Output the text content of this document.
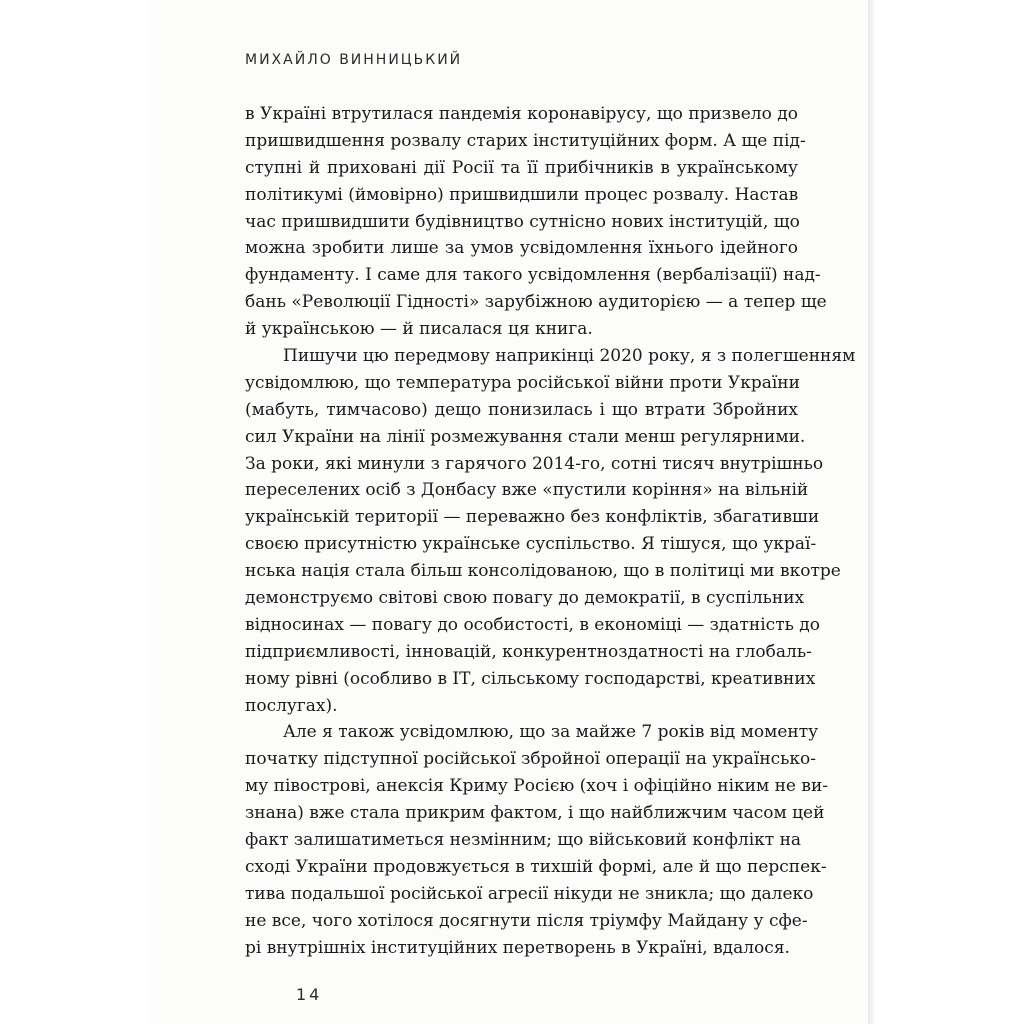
МИХАЙЛО ВИННИЦЬКИЙ
в Україні втрутилася пандемія коронавірусу, що призвело до
пришвидшення розвалу старих інституційних форм. А ще під-
ступні й приховані дії Росії та її прибічників в українському
політикумі (ймовірно) пришвидшили процес розвалу. Настав
час пришвидшити будівництво сутнісно нових інституцій, що
можна зробити лише за умов усвідомлення їхнього ідейного
фундаменту. І саме для такого усвідомлення (вербалізації) над-
бань «Революції Гідності» зарубіжною аудиторією — а тепер ще
й українською — й писалася ця книга.
Пишучи цю передмову наприкінці 2020 року, я з полегшенням
усвідомлюю, що температура російської війни проти України
(мабуть, тимчасово) дещо понизилась і що втрати Збройних
сил України на лінії розмежування стали менш регулярними.
За роки, які минули з гарячого 2014-го, сотні тисяч внутрішньо
переселених осіб з Донбасу вже «пустили коріння» на вільній
українській території — переважно без конфліктів, збагативши
своєю присутністю українське суспільство. Я тішуся, що украї-
нська нація стала більш консолідованою, що в політиці ми вкотре
демонструємо світові свою повагу до демократії, в суспільних
відносинах — повагу до особистості, в економіці — здатність до
підприємливості, інновацій, конкурентноздатності на глобаль-
ному рівні (особливо в ІТ, сільському господарстві, креативних
послугах).
Але я також усвідомлюю, що за майже 7 років від моменту
початку підступної російської збройної операції на українсько-
му півострові, анексія Криму Росією (хоч і офіційно ніким не ви-
знана) вже стала прикрим фактом, і що найближчим часом цей
факт залишатиметься незмінним; що військовий конфлікт на
сході України продовжується в тихшій формі, але й що перспек-
тива подальшої російської агресії нікуди не зникла; що далеко
не все, чого хотілося досягнути після тріумфу Майдану у сфе-
рі внутрішніх інституційних перетворень в Україні, вдалося.
14
